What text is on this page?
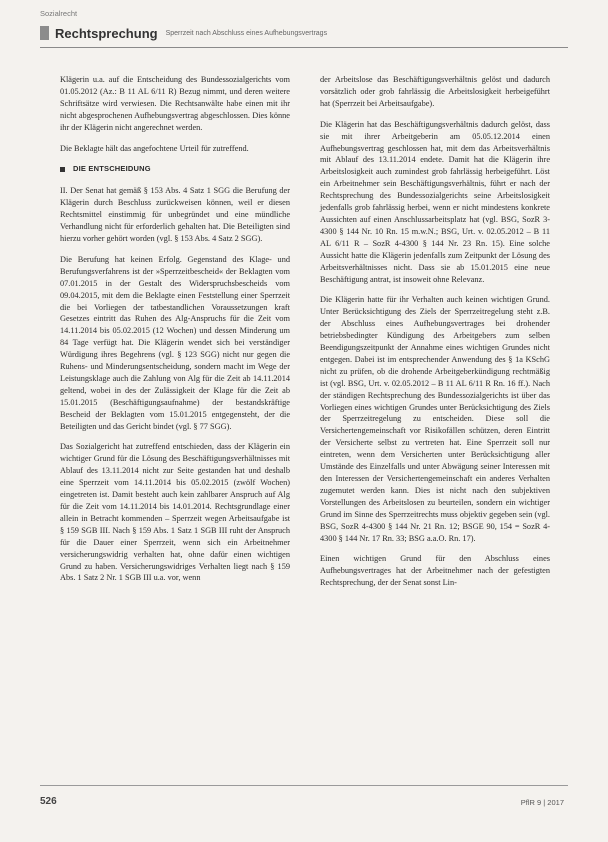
Sozialrecht
Rechtsprechung Sperrzeit nach Abschluss eines Aufhebungsvertrags

Klägerin u.a. auf die Entscheidung des Bundessozialgerichts vom 01.05.2012 (Az.: B 11 AL 6/11 R) Bezug nimmt, und deren weitere Schriftsätze wird verwiesen. Die Rechtsanwälte habe einen mit ihr nicht abgesprochenen Aufhebungsvertrag abgeschlossen. Dies könne ihr der Klägerin nicht angerechnet werden.

Die Beklagte hält das angefochtene Urteil für zutreffend.

DIE ENTSCHEIDUNG

II. Der Senat hat gemäß § 153 Abs. 4 Satz 1 SGG die Berufung der Klägerin durch Beschluss zurückweisen können, weil er diesen Rechtsmittel einstimmig für unbegründet und eine mündliche Verhandlung nicht für erforderlich gehalten hat. Die Beteiligten sind hierzu vorher gehört worden (vgl. § 153 Abs. 4 Satz 2 SGG).

Die Berufung hat keinen Erfolg. Gegenstand des Klage- und Berufungsverfahrens ist der »Sperrzeitbescheid« der Beklagten vom 07.01.2015 in der Gestalt des Widerspruchsbescheids vom 09.04.2015, mit dem die Beklagte einen Feststellung einer Sperrzeit die bei Vorliegen der tatbestandlichen Voraussetzungen kraft Gesetzes eintritt das Ruhen des Alg-Anspruchs für die Zeit vom 14.11.2014 bis 05.02.2015 (12 Wochen) und dessen Minderung um 84 Tage verfügt hat. Die Klägerin wendet sich bei verständiger Würdigung ihres Begehrens (vgl. § 123 SGG) nicht nur gegen die Ruhens- und Minderungsentscheidung, sondern macht im Wege der Leistungsklage auch die Zahlung von Alg für die Zeit ab 14.11.2014 geltend, wobei in des der Zulässigkeit der Klage für die Zeit ab 15.01.2015 (Beschäftigungsaufnahme) der bestandskräftige Bescheid der Beklagten vom 15.01.2015 entgegensteht, der die Beteiligten und das Gericht bindet (vgl. § 77 SGG).

Das Sozialgericht hat zutreffend entschieden, dass der Klägerin ein wichtiger Grund für die Lösung des Beschäftigungsverhältnisses mit Ablauf des 13.11.2014 nicht zur Seite gestanden hat und deshalb eine Sperrzeit vom 14.11.2014 bis 05.02.2015 (zwölf Wochen) eingetreten ist. Damit besteht auch kein zahlbarer Anspruch auf Alg für die Zeit vom 14.11.2014 bis 14.01.2014. Rechtsgrundlage einer allein in Betracht kommenden – Sperrzeit wegen Arbeitsaufgabe ist § 159 SGB III. Nach § 159 Abs. 1 Satz 1 SGB III ruht der Anspruch für die Dauer einer Sperrzeit, wenn sich ein Arbeitnehmer versicherungswidrig verhalten hat, ohne dafür einen wichtigen Grund zu haben. Versicherungswidriges Verhalten liegt nach § 159 Abs. 1 Satz 2 Nr. 1 SGB III u.a. vor, wenn

der Arbeitslose das Beschäftigungsverhältnis gelöst und dadurch vorsätzlich oder grob fahrlässig die Arbeitslosigkeit herbeigeführt hat (Sperrzeit bei Arbeitsaufgabe).

Die Klägerin hat das Beschäftigungsverhältnis dadurch gelöst, dass sie mit ihrer Arbeitgeberin am 05.05.12.2014 einen Aufhebungsvertrag geschlossen hat, mit dem das Arbeitsverhältnis mit Ablauf des 13.11.2014 endete. Damit hat die Klägerin ihre Arbeitslosigkeit auch zumindest grob fahrlässig herbeigeführt. Löst ein Arbeitnehmer sein Beschäftigungsverhältnis, führt er nach der Rechtsprechung des Bundessozialgerichts seine Arbeitslosigkeit jedenfalls grob fahrlässig herbei, wenn er nicht mindestens konkrete Aussichten auf einen Anschlussarbeitsplatz hat (vgl. BSG, SozR 3-4300 § 144 Nr. 10 Rn. 15 m.w.N.; BSG, Urt. v. 02.05.2012 – B 11 AL 6/11 R – SozR 4-4300 § 144 Nr. 23 Rn. 15). Eine solche Aussicht hatte die Klägerin jedenfalls zum Zeitpunkt der Lösung des Arbeitsverhältnisses nicht. Dass sie ab 15.01.2015 eine neue Beschäftigung antrat, ist insoweit ohne Relevanz.

Die Klägerin hatte für ihr Verhalten auch keinen wichtigen Grund. Unter Berücksichtigung des Ziels der Sperrzeitregelung steht z.B. der Abschluss eines Aufhebungsvertrages bei drohender betriebsbedingter Kündigung des Arbeitgebers zum selben Beendigungszeitpunkt der Annahme eines wichtigen Grundes nicht entgegen. Dabei ist im entsprechender Anwendung des § 1a KSchG nicht zu prüfen, ob die drohende Arbeitgeberkündigung rechtmäßig ist (vgl. BSG, Urt. v. 02.05.2012 – B 11 AL 6/11 R Rn. 16 ff.). Nach der ständigen Rechtsprechung des Bundessozialgerichts ist über das Vorliegen eines wichtigen Grundes unter Berücksichtigung des Ziels der Sperrzeitregelung zu entscheiden. Diese soll die Versichertengemeinschaft vor Risikofällen schützen, deren Eintritt der Versicherte selbst zu vertreten hat. Eine Sperrzeit soll nur eintreten, wenn dem Versicherten unter Berücksichtigung aller Umstände des Einzelfalls und unter Abwägung seiner Interessen mit den Interessen der Versichertengemeinschaft ein anderes Verhalten zugemutet werden kann. Dies ist nicht nach den subjektiven Vorstellungen des Arbeitslosen zu beurteilen, sondern ein wichtiger Grund im Sinne des Sperrzeitrechts muss objektiv gegeben sein (vgl. BSG, SozR 4-4300 § 144 Nr. 21 Rn. 12; BSGE 90, 154 = SozR 4-4300 § 144 Nr. 17 Rn. 33; BSG a.a.O. Rn. 17).

Einen wichtigen Grund für den Abschluss eines Aufhebungsvertrages hat der Arbeitnehmer nach der gefestigten Rechtsprechung, der der Senat sonst Lin-

526	PflR 9 | 2017
